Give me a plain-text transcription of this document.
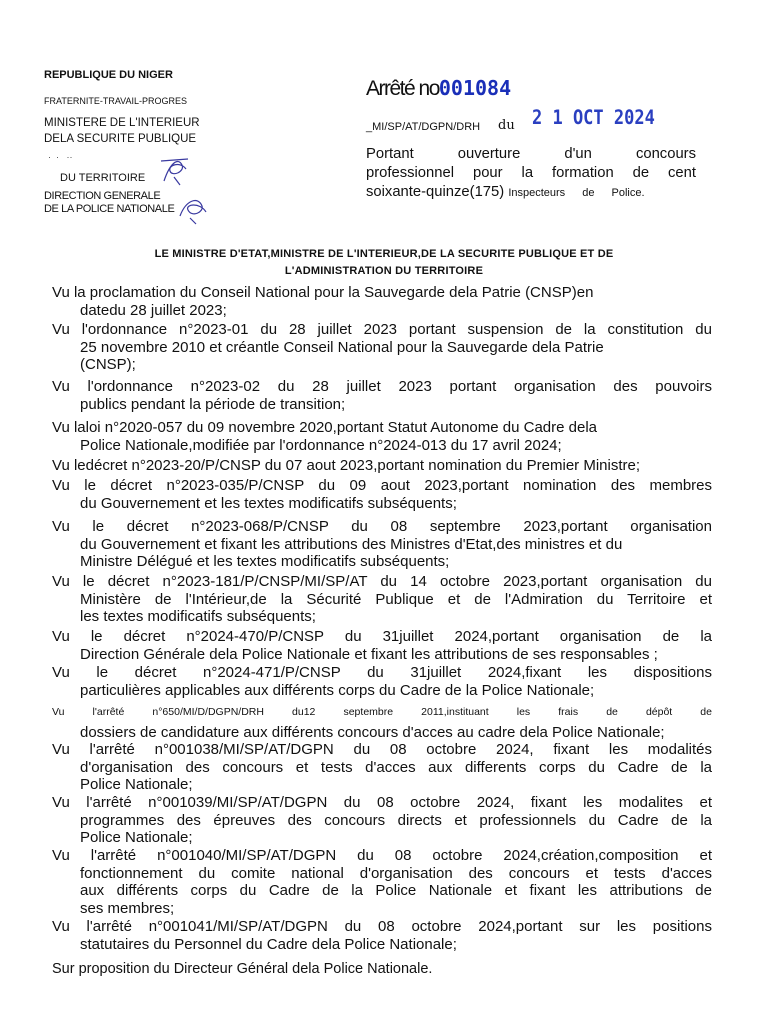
REPUBLIQUE DU NIGER
FRATERNITE-TRAVAIL-PROGRES
MINISTERE DE L'INTERIEUR
DELA SECURITE PUBLIQUE
·  ·   ··
DU TERRITOIRE
DIRECTION GENERALE
DE LA POLICE NATIONALE
Arrêté no001084
_MI/SP/AT/DGPN/DRH du 2 1 OCT 2024
Portant ouverture d'un concours
professionnel pour la formation de cent
soixante-quinze(175) Inspecteurs de Police.
LE MINISTRE D'ETAT,MINISTRE DE L'INTERIEUR,DE LA SECURITE PUBLIQUE ET DE
L'ADMINISTRATION DU TERRITOIRE
Vu la proclamation du Conseil National pour la Sauvegarde dela Patrie (CNSP)en
datedu 28 juillet 2023;
Vu l'ordonnance n°2023-01 du 28 juillet 2023 portant suspension de la constitution du
25 novembre 2010 et créantle Conseil National pour la Sauvegarde dela Patrie
(CNSP);
Vu l'ordonnance n°2023-02 du 28 juillet 2023 portant organisation des pouvoirs
publics pendant la période de transition;
Vu laloi n°2020-057 du 09 novembre 2020,portant Statut Autonome du Cadre dela
Police Nationale,modifiée par l'ordonnance n°2024-013 du 17 avril 2024;
Vu ledécret n°2023-20/P/CNSP du 07 aout 2023,portant nomination du Premier Ministre;
Vu le décret n°2023-035/P/CNSP du 09 aout 2023,portant nomination des membres
du Gouvernement et les textes modificatifs subséquents;
Vu le décret n°2023-068/P/CNSP du 08 septembre 2023,portant organisation
du Gouvernement et fixant les attributions des Ministres d'Etat,des ministres et du
Ministre Délégué et les textes modificatifs subséquents;
Vu le décret n°2023-181/P/CNSP/MI/SP/AT du 14 octobre 2023,portant organisation du
Ministère de l'Intérieur,de la Sécurité Publique et de l'Admiration du Territoire et
les textes modificatifs subséquents;
Vu le décret n°2024-470/P/CNSP du 31juillet 2024,portant organisation de la
Direction Générale dela Police Nationale et fixant les attributions de ses responsables ;
Vu le décret n°2024-471/P/CNSP du 31juillet 2024,fixant les dispositions
particulières applicables aux différents corps du Cadre de la Police Nationale;
Vu l'arrêté n°650/MI/D/DGPN/DRH du12 septembre 2011,instituant les frais de dépôt de
dossiers de candidature aux différents concours d'acces au cadre dela Police Nationale;
Vu l'arrêté n°001038/MI/SP/AT/DGPN du 08 octobre 2024, fixant les modalités
d'organisation des concours et tests d'acces aux differents corps du Cadre de la
Police Nationale;
Vu l'arrêté n°001039/MI/SP/AT/DGPN du 08 octobre 2024, fixant les modalites et
programmes des épreuves des concours directs et professionnels du Cadre de la
Police Nationale;
Vu l'arrêté n°001040/MI/SP/AT/DGPN du 08 octobre 2024,création,composition et
fonctionnement du comite national d'organisation des concours et tests d'acces
aux différents corps du Cadre de la Police Nationale et fixant les attributions de
ses membres;
Vu l'arrêté n°001041/MI/SP/AT/DGPN du 08 octobre 2024,portant sur les positions
statutaires du Personnel du Cadre dela Police Nationale;
Sur proposition du Directeur Général dela Police Nationale.
